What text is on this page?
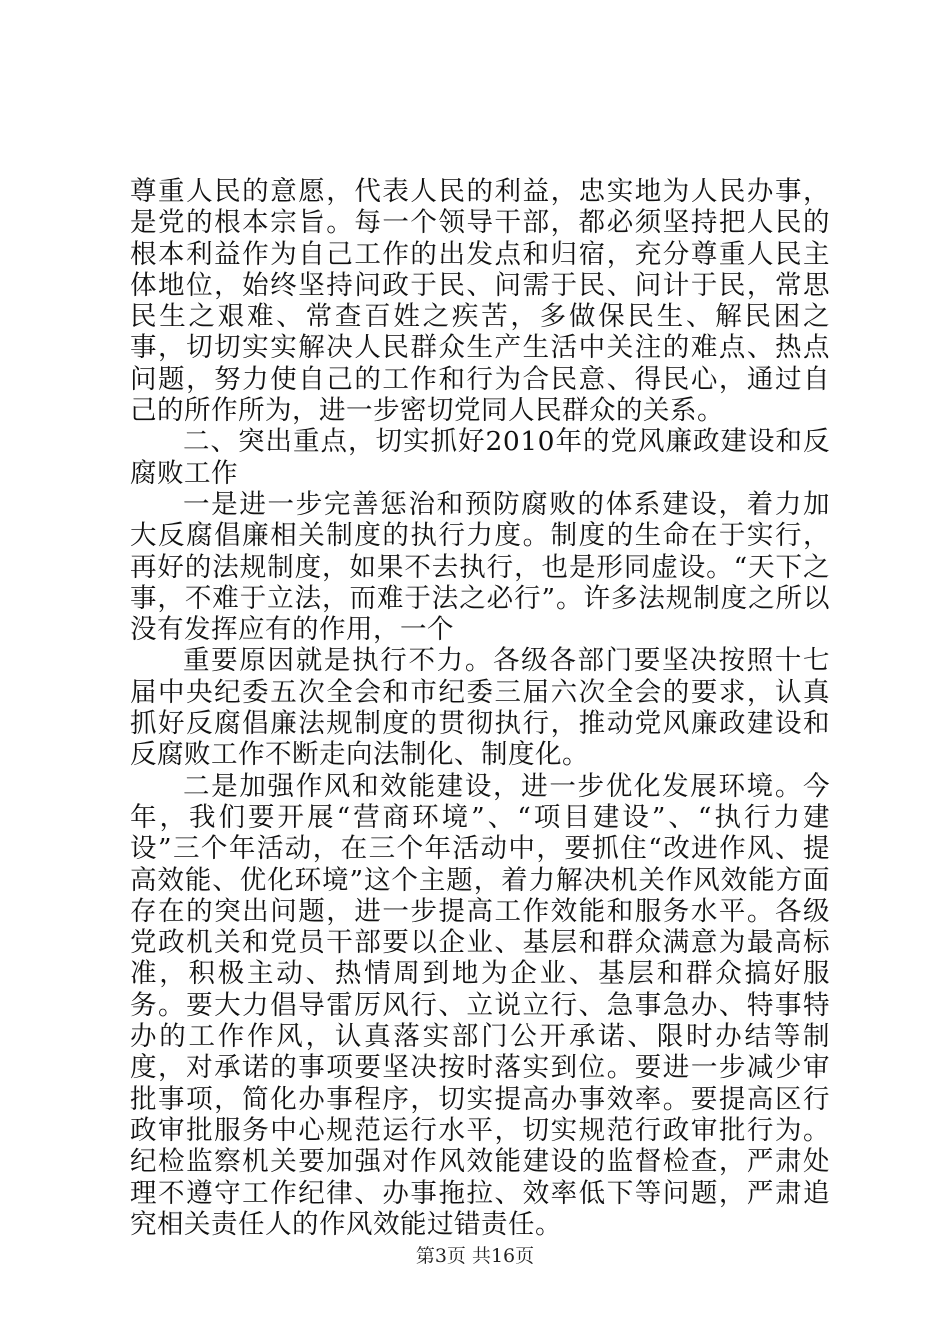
尊重人民的意愿，代表人民的利益，忠实地为人民办事，是党的根本宗旨。每一个领导干部，都必须坚持把人民的根本利益作为自己工作的出发点和归宿，充分尊重人民主体地位，始终坚持问政于民、问需于民、问计于民，常思民生之艰难、常查百姓之疾苦，多做保民生、解民困之事，切切实实解决人民群众生产生活中关注的难点、热点问题，努力使自己的工作和行为合民意、得民心，通过自己的所作所为，进一步密切党同人民群众的关系。

二、突出重点，切实抓好2010年的党风廉政建设和反腐败工作

一是进一步完善惩治和预防腐败的体系建设，着力加大反腐倡廉相关制度的执行力度。制度的生命在于实行，再好的法规制度，如果不去执行，也是形同虚设。“天下之事，不难于立法，而难于法之必行”。许多法规制度之所以没有发挥应有的作用，一个

重要原因就是执行不力。各级各部门要坚决按照十七届中央纪委五次全会和市纪委三届六次全会的要求，认真抓好反腐倡廉法规制度的贯彻执行，推动党风廉政建设和反腐败工作不断走向法制化、制度化。

二是加强作风和效能建设，进一步优化发展环境。今年，我们要开展“营商环境”、“项目建设”、“执行力建设”三个年活动，在三个年活动中，要抓住“改进作风、提高效能、优化环境”这个主题，着力解决机关作风效能方面存在的突出问题，进一步提高工作效能和服务水平。各级党政机关和党员干部要以企业、基层和群众满意为最高标准，积极主动、热情周到地为企业、基层和群众搞好服务。要大力倡导雷厉风行、立说立行、急事急办、特事特办的工作作风，认真落实部门公开承诺、限时办结等制度，对承诺的事项要坚决按时落实到位。要进一步减少审批事项，简化办事程序，切实提高办事效率。要提高区行政审批服务中心规范运行水平，切实规范行政审批行为。纪检监察机关要加强对作风效能建设的监督检查，严肃处理不遵守工作纪律、办事拖拉、效率低下等问题，严肃追究相关责任人的作风效能过错责任。

第3页 共16页
